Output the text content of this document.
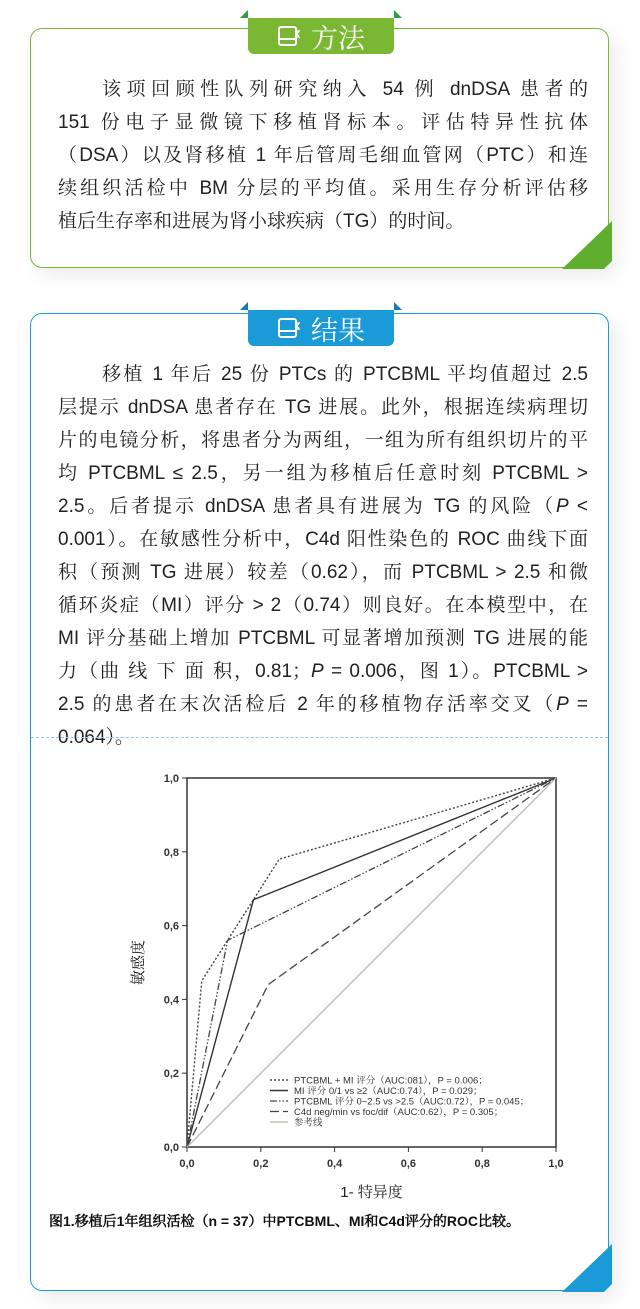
方法
该项回顾性队列研究纳入 54 例 dnDSA 患者的
151 份电子显微镜下移植肾标本。评估特异性抗体
（DSA）以及肾移植 1 年后管周毛细血管网（PTC）和连
续组织活检中 BM 分层的平均值。采用生存分析评估移
植后生存率和进展为肾小球疾病（TG）的时间。
结果
移植 1 年后 25 份 PTCs 的 PTCBML 平均值超过 2.5
层提示 dnDSA 患者存在 TG 进展。此外，根据连续病理切
片的电镜分析，将患者分为两组，一组为所有组织切片的平
均 PTCBML ≤ 2.5，另一组为移植后任意时刻 PTCBML >
2.5。后者提示 dnDSA 患者具有进展为 TG 的风险（P <
0.001）。在敏感性分析中，C4d 阳性染色的 ROC 曲线下面
积（预测 TG 进展）较差（0.62），而 PTCBML > 2.5 和微
循环炎症（MI）评分 > 2（0.74）则良好。在本模型中，在
MI 评分基础上增加 PTCBML 可显著增加预测 TG 进展的能
力（曲 线 下 面 积，0.81；P = 0.006，图 1）。PTCBML >
2.5 的患者在末次活检后 2 年的移植物存活率交叉（P =
0.064）。
0,0
0,0
0,2
0,2
0,4
0,4
0,6
0,6
0,8
0,8
1,0
1,0
1- 特异度
敏感度
PTCBML + MI 评分（AUC:081），P = 0.006；
MI 评分 0/1 vs ≥2（AUC:0.74），P = 0.029；
PTCBML 评分 0~2.5 vs >2.5（AUC:0.72），P = 0.045；
C4d neg/min vs foc/dif（AUC:0.62），P = 0.305；
参考线
图1.移植后1年组织活检（n = 37）中PTCBML、MI和C4d评分的ROC比较。
